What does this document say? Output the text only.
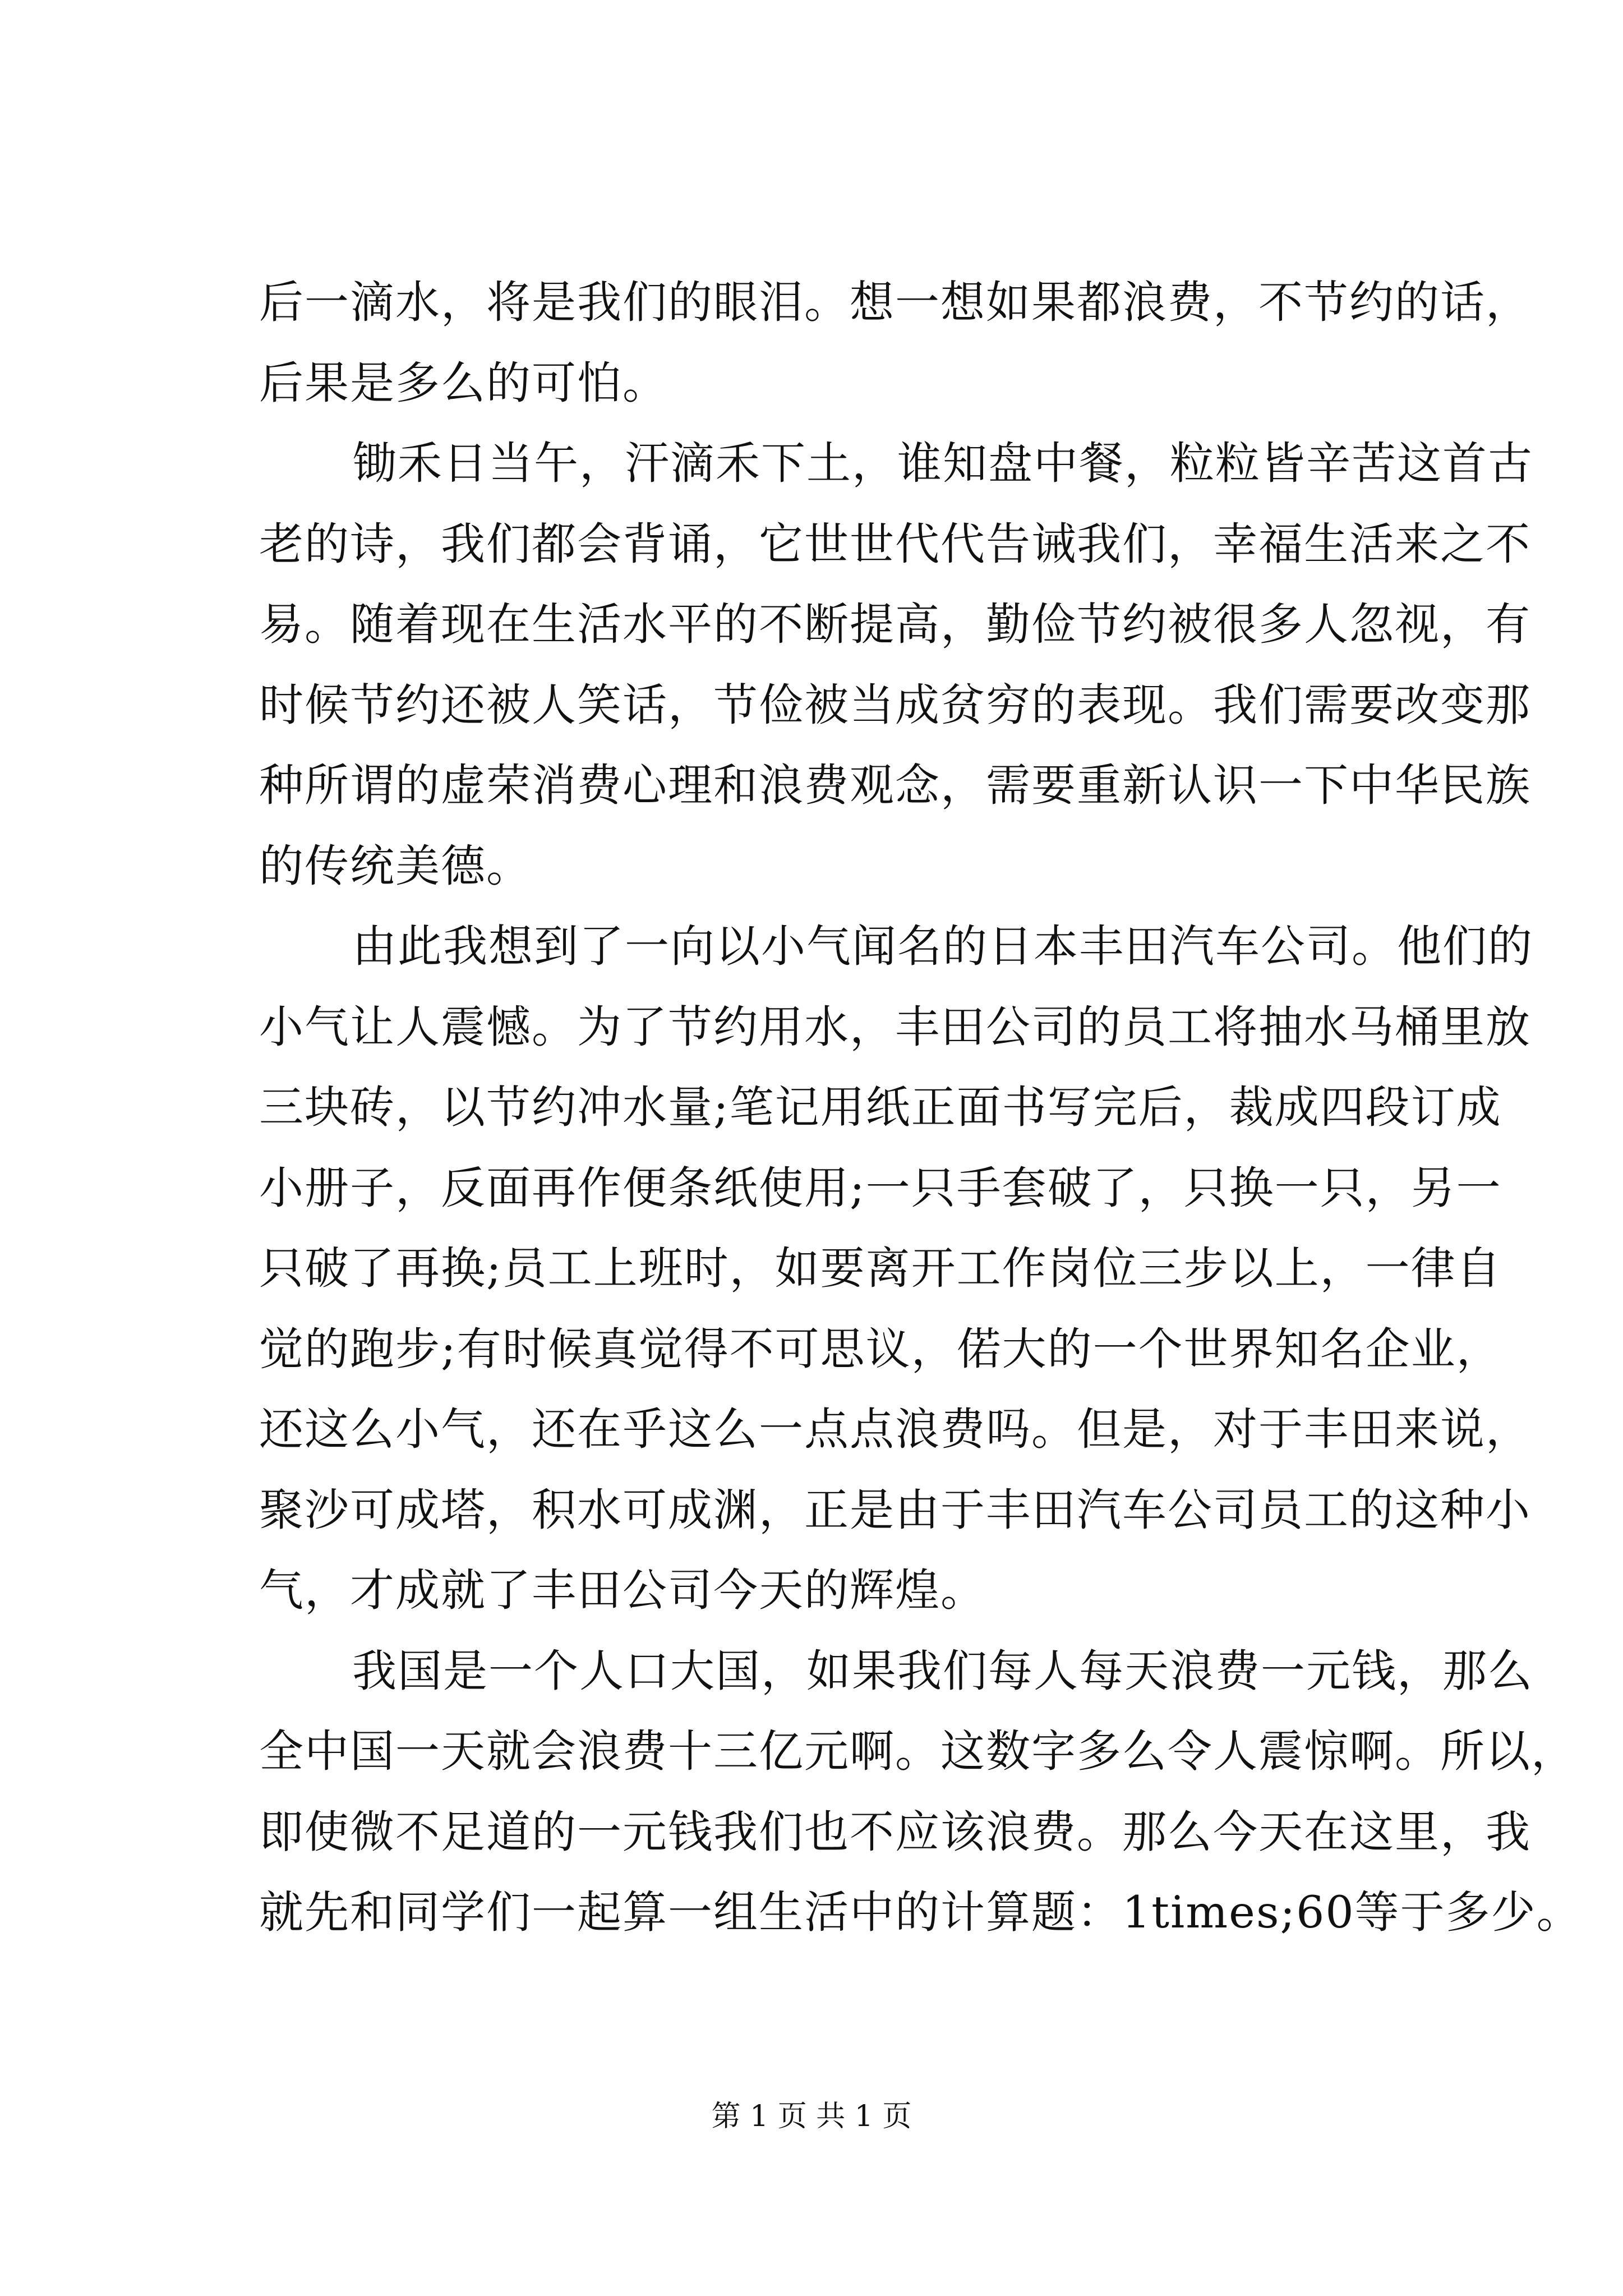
后一滴水，将是我们的眼泪。想一想如果都浪费，不节约的话，
后果是多么的可怕。
锄禾日当午，汗滴禾下土，谁知盘中餐，粒粒皆辛苦这首古
老的诗，我们都会背诵，它世世代代告诫我们，幸福生活来之不
易。随着现在生活水平的不断提高，勤俭节约被很多人忽视，有
时候节约还被人笑话，节俭被当成贫穷的表现。我们需要改变那
种所谓的虚荣消费心理和浪费观念，需要重新认识一下中华民族
的传统美德。
由此我想到了一向以小气闻名的日本丰田汽车公司。他们的
小气让人震憾。为了节约用水，丰田公司的员工将抽水马桶里放
三块砖，以节约冲水量;笔记用纸正面书写完后，裁成四段订成
小册子，反面再作便条纸使用;一只手套破了，只换一只，另一
只破了再换;员工上班时，如要离开工作岗位三步以上，一律自
觉的跑步;有时候真觉得不可思议，偌大的一个世界知名企业，
还这么小气，还在乎这么一点点浪费吗。但是，对于丰田来说，
聚沙可成塔，积水可成渊，正是由于丰田汽车公司员工的这种小
气，才成就了丰田公司今天的辉煌。
我国是一个人口大国，如果我们每人每天浪费一元钱，那么
全中国一天就会浪费十三亿元啊。这数字多么令人震惊啊。所以，
即使微不足道的一元钱我们也不应该浪费。那么今天在这里，我
就先和同学们一起算一组生活中的计算题：1times;60等于多少。
第 1 页 共 1 页
